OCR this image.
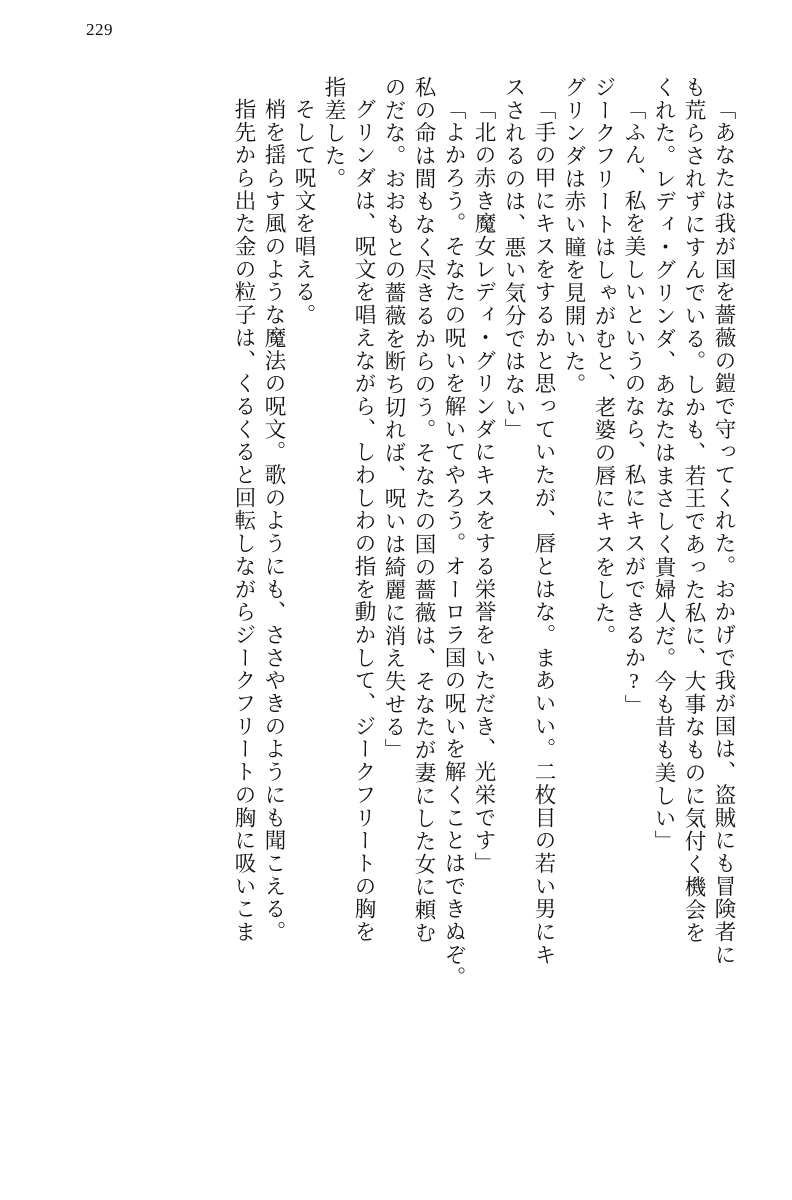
229
「あなたは我が国を薔薇の鎧で守ってくれた。おかげで我が国は、盗賊にも冒険者に
も荒らされずにすんでいる。しかも、若王であった私に、大事なものに気付く機会を
くれた。レディ・グリンダ、あなたはまさしく貴婦人だ。今も昔も美しい」
「ふん、私を美しいというのなら、私にキスができるか?」
ジークフリートはしゃがむと、老婆の唇にキスをした。
グリンダは赤い瞳を見開いた。
「手の甲にキスをするかと思っていたが、唇とはな。まあいい。二枚目の若い男にキ
スされるのは、悪い気分ではない」
「北の赤き魔女レディ・グリンダにキスをする栄誉をいただき、光栄です」
「よかろう。そなたの呪いを解いてやろう。オーロラ国の呪いを解くことはできぬぞ。
私の命は間もなく尽きるからのう。そなたの国の薔薇は、そなたが妻にした女に頼む
のだな。おおもとの薔薇を断ち切れば、呪いは綺麗に消え失せる」
グリンダは、呪文を唱えながら、しわしわの指を動かして、ジークフリートの胸を
指差した。
そして呪文を唱える。
梢を揺らす風のような魔法の呪文。歌のようにも、ささやきのようにも聞こえる。
指先から出た金の粒子は、くるくると回転しながらジークフリートの胸に吸いこま
